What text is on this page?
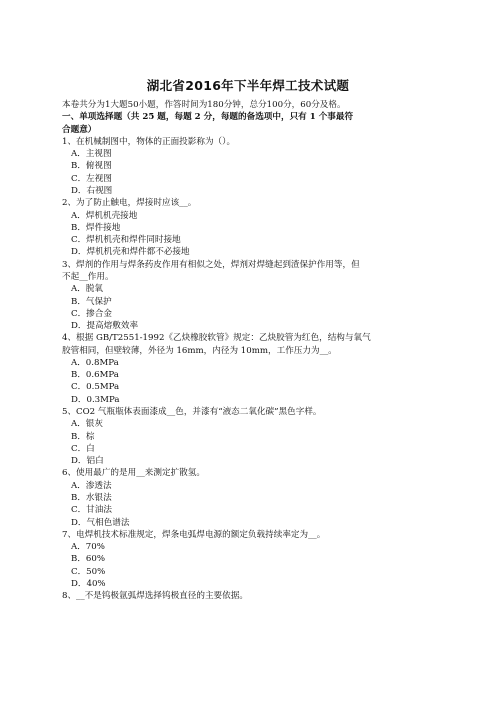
湖北省2016年下半年焊工技术试题
本卷共分为1大题50小题，作答时间为180分钟，总分100分，60分及格。
一、单项选择题（共 25 题，每题 2 分，每题的备选项中，只有 1 个事最符
合题意）
1、在机械制图中，物体的正面投影称为（）。
A．主视图
B．俯视图
C．左视图
D．右视图
2、为了防止触电，焊接时应该__。
A．焊机机壳接地
B．焊件接地
C．焊机机壳和焊件同时接地
D．焊机机壳和焊件都不必接地
3、焊剂的作用与焊条药皮作用有相似之处，焊剂对焊缝起到渣保护作用等，但
不起__作用。
A．脱氧
B．气保护
C．掺合金
D．提高熔敷效率
4、根据 GB/T2551-1992《乙炔橡胶软管》规定：乙炔胶管为红色，结构与氧气
胶管相同，但壁较薄，外径为 16mm，内径为 10mm，工作压力为__。
A．0.8MPa
B．0.6MPa
C．0.5MPa
D．0.3MPa
5、CO2 气瓶瓶体表面漆成__色，并漆有“液态二氧化碳”黑色字样。
A．银灰
B．棕
C．白
D．铝白
6、使用最广的是用__来测定扩散氢。
A．渗透法
B．水银法
C．甘油法
D．气相色谱法
7、电焊机技术标准规定，焊条电弧焊电源的额定负载持续率定为__。
A．70%
B．60%
C．50%
D．40%
8、__不是钨极氩弧焊选择钨极直径的主要依据。
